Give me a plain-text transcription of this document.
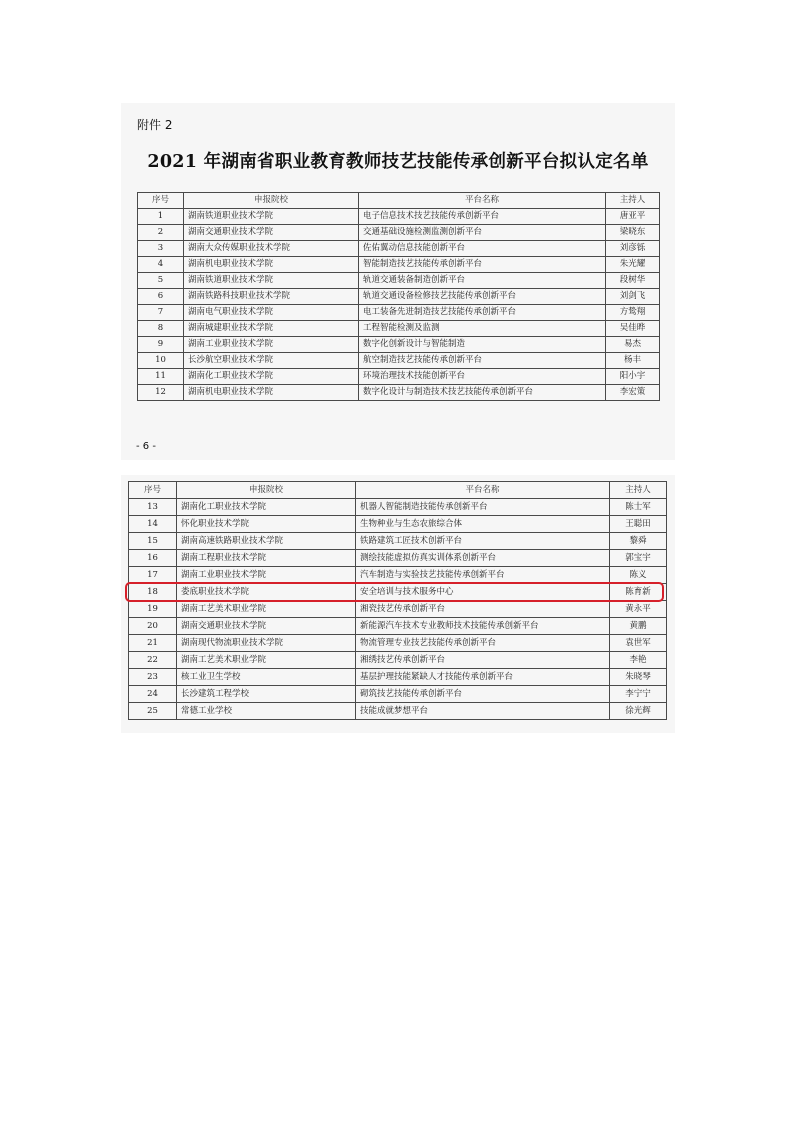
附件 2
2021 年湖南省职业教育教师技艺技能传承创新平台拟认定名单
序号	申报院校	平台名称	主持人
1	湖南铁道职业技术学院	电子信息技术技艺技能传承创新平台	唐亚平
2	湖南交通职业技术学院	交通基础设施检测监测创新平台	梁晓东
3	湖南大众传媒职业技术学院	佐佑翼动信息技能创新平台	刘彦铄
4	湖南机电职业技术学院	智能制造技艺技能传承创新平台	朱光耀
5	湖南铁道职业技术学院	轨道交通装备制造创新平台	段树华
6	湖南铁路科技职业技术学院	轨道交通设备检修技艺技能传承创新平台	刘剑飞
7	湖南电气职业技术学院	电工装备先进制造技艺技能传承创新平台	方鸷翔
8	湖南城建职业技术学院	工程智能检测及监测	吴佳晔
9	湖南工业职业技术学院	数字化创新设计与智能制造	易杰
10	长沙航空职业技术学院	航空制造技艺技能传承创新平台	杨丰
11	湖南化工职业技术学院	环境治理技术技能创新平台	阳小宇
12	湖南机电职业技术学院	数字化设计与制造技术技艺技能传承创新平台	李宏策
- 6 -
序号	申报院校	平台名称	主持人
13	湖南化工职业技术学院	机器人智能制造技能传承创新平台	陈士军
14	怀化职业技术学院	生物种业与生态农旅综合体	王聪田
15	湖南高速铁路职业技术学院	铁路建筑工匠技术创新平台	黎舜
16	湖南工程职业技术学院	测绘技能虚拟仿真实训体系创新平台	郭宝宇
17	湖南工业职业技术学院	汽车制造与实验技艺技能传承创新平台	陈义
18	娄底职业技术学院	安全培训与技术服务中心	陈育新
19	湖南工艺美术职业学院	湘瓷技艺传承创新平台	黄永平
20	湖南交通职业技术学院	新能源汽车技术专业教师技术技能传承创新平台	黄鹏
21	湖南现代物流职业技术学院	物流管理专业技艺技能传承创新平台	袁世军
22	湖南工艺美术职业学院	湘绣技艺传承创新平台	李艳
23	核工业卫生学校	基层护理技能紧缺人才技能传承创新平台	朱晓琴
24	长沙建筑工程学校	砌筑技艺技能传承创新平台	李宁宁
25	常德工业学校	技能成就梦想平台	徐光辉
